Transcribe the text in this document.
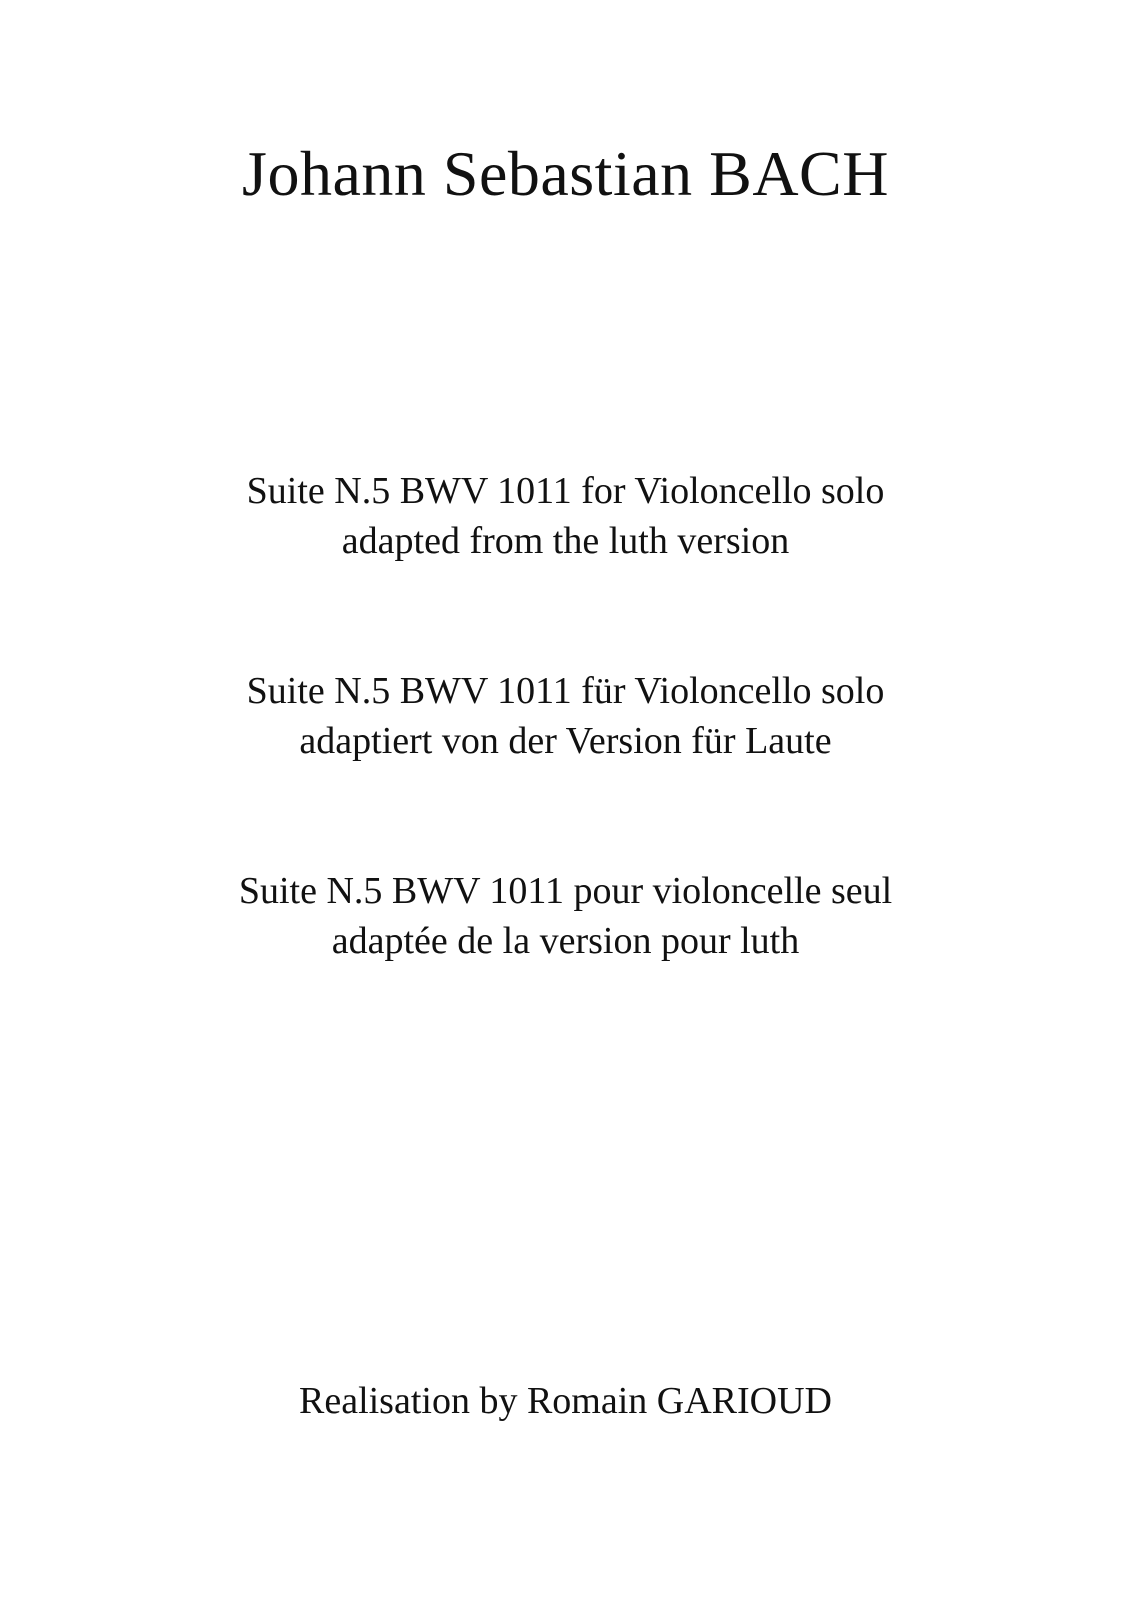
Johann Sebastian BACH

Suite N.5 BWV 1011 for Violoncello solo

adapted from the luth version

Suite N.5 BWV 1011 für Violoncello solo

adaptiert von der Version für Laute

Suite N.5 BWV 1011 pour violoncelle seul

adaptée de la version pour luth

Realisation by Romain GARIOUD
